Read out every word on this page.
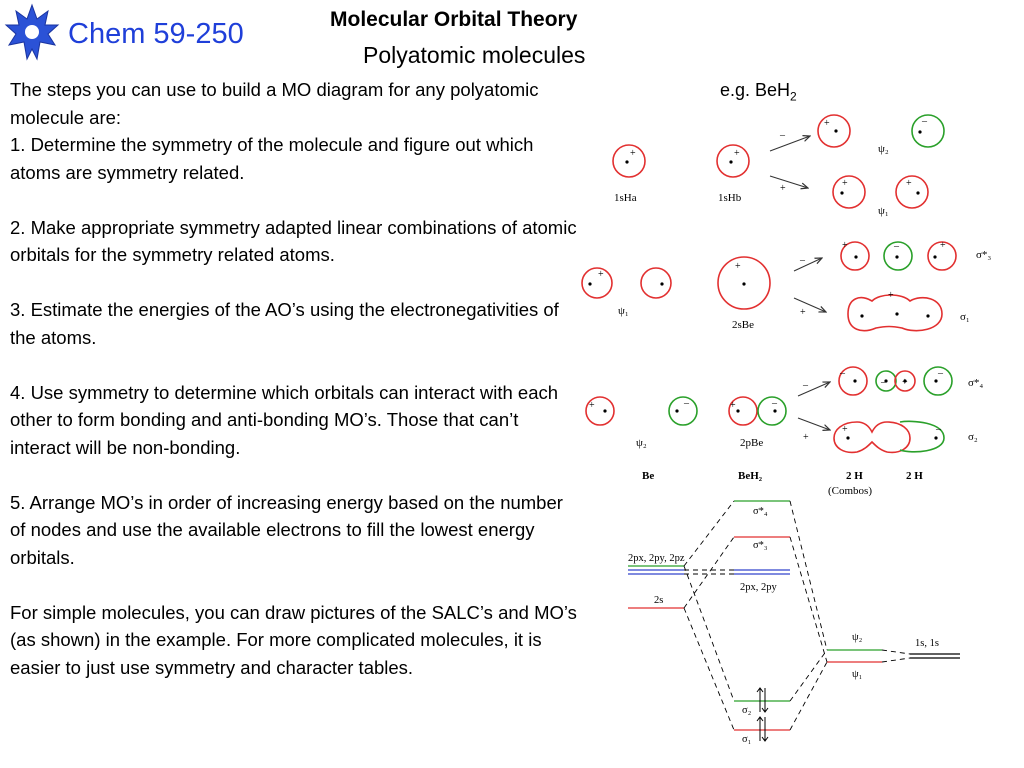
Chem 59-250	Molecular Orbital Theory
Polyatomic molecules

The steps you can use to build a MO diagram for any polyatomic molecule are:

1. Determine the symmetry of the molecule and figure out which atoms are symmetry related.

2. Make appropriate symmetry adapted linear combinations of atomic orbitals for the symmetry related atoms.

3. Estimate the energies of the AO’s using the electronegativities of the atoms.

4. Use symmetry to determine which orbitals can interact with each other to form bonding and anti-bonding MO’s. Those that can’t interact will be non-bonding.

5. Arrange MO’s in order of increasing energy based on the number of nodes and use the available electrons to fill the lowest energy orbitals.

For simple molecules, you can draw pictures of the SALC’s and MO’s (as shown) in the example. For more complicated molecules, it is easier to just use symmetry and character tables.

e.g. BeH$_2$
+	+
+	–
+	+
–
+
+
+
+	–	+
–
+
+
+	–	+	–
–
– +
–
–
+
+	–
1sHa	1sHb
ψ₂
ψ₁
ψ₁
2sBe
σ*₃
σ₁
ψ₂	2pBe
σ*₄
σ₂
Be	BeH₂	2 H	2 H
(Combos)
2px, 2py, 2pz
2s
2px, 2py
σ*₄
σ*₃
σ₂
σ₁
ψ₂
ψ₁
1s, 1s
